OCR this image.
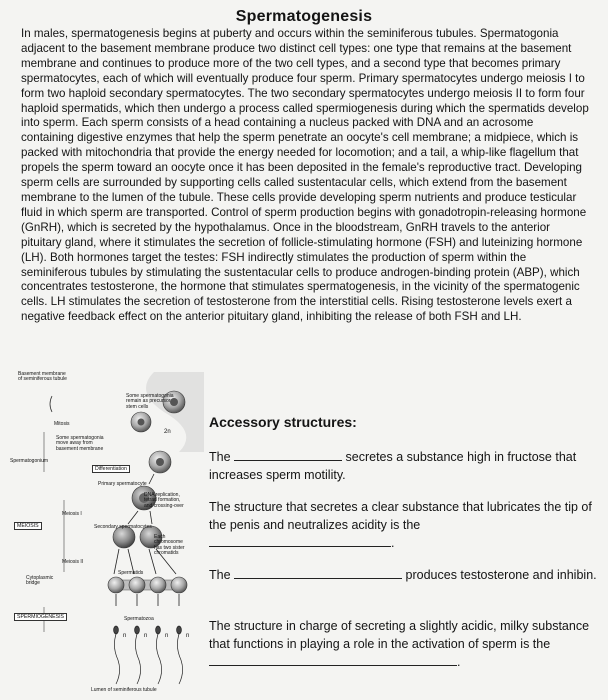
Spermatogenesis

In males, spermatogenesis begins at puberty and occurs within the seminiferous tubules. Spermatogonia adjacent to the basement membrane produce two distinct cell types: one type that remains at the basement membrane and continues to produce more of the two cell types, and a second type that becomes primary spermatocytes, each of which will eventually produce four sperm. Primary spermatocytes undergo meiosis I to form two haploid secondary spermatocytes. The two secondary spermatocytes undergo meiosis II to form four haploid spermatids, which then undergo a process called spermiogenesis during which the spermatids develop into sperm. Each sperm consists of a head containing a nucleus packed with DNA and an acrosome containing digestive enzymes that help the sperm penetrate an oocyte's cell membrane; a midpiece, which is packed with mitochondria that provide the energy needed for locomotion; and a tail, a whip-like flagellum that propels the sperm toward an oocyte once it has been deposited in the female's reproductive tract. Developing sperm cells are surrounded by supporting cells called sustentacular cells, which extend from the basement membrane to the lumen of the tubule. These cells provide developing sperm nutrients and produce testicular fluid in which sperm are transported. Control of sperm production begins with gonadotropin-releasing hormone (GnRH), which is secreted by the hypothalamus. Once in the bloodstream, GnRH travels to the anterior pituitary gland, where it stimulates the secretion of follicle-stimulating hormone (FSH) and luteinizing hormone (LH). Both hormones target the testes: FSH indirectly stimulates the production of sperm within the seminiferous tubules by stimulating the sustentacular cells to produce androgen-binding protein (ABP), which concentrates testosterone, the hormone that stimulates spermatogenesis, in the vicinity of the spermatogenic cells. LH stimulates the secretion of testosterone from the interstitial cells. Rising testosterone levels exert a negative feedback effect on the anterior pituitary gland, inhibiting the release of both FSH and LH.

Basement membrane
of seminiferous tubule
Some spermatogonia
remain as precursor
stem cells
Mitosis
Some spermatogonia
move away from
basement membrane
Spermatogonium
Differentiation
Primary spermatocyte
DNA replication,
tetrad formation,
and crossing-over
Meiosis I
MEIOSIS	Secondary spermatocytes
Each
chromosome
has two sister
chromatids
Meiosis II
Spermatids
Cytoplasmic
bridge
SPERMIOGENESIS	Spermatozoa
Lumen of seminiferous tubule
2n
n	n	n	n
Accessory structures:
The	secretes a substance high in fructose that increases sperm motility.
The structure that secretes a clear substance that lubricates the tip of the penis and neutralizes acidity is the
.
The	produces testosterone and inhibin.
The structure in charge of secreting a slightly acidic, milky substance that functions in playing a role in the activation of sperm is the
.
